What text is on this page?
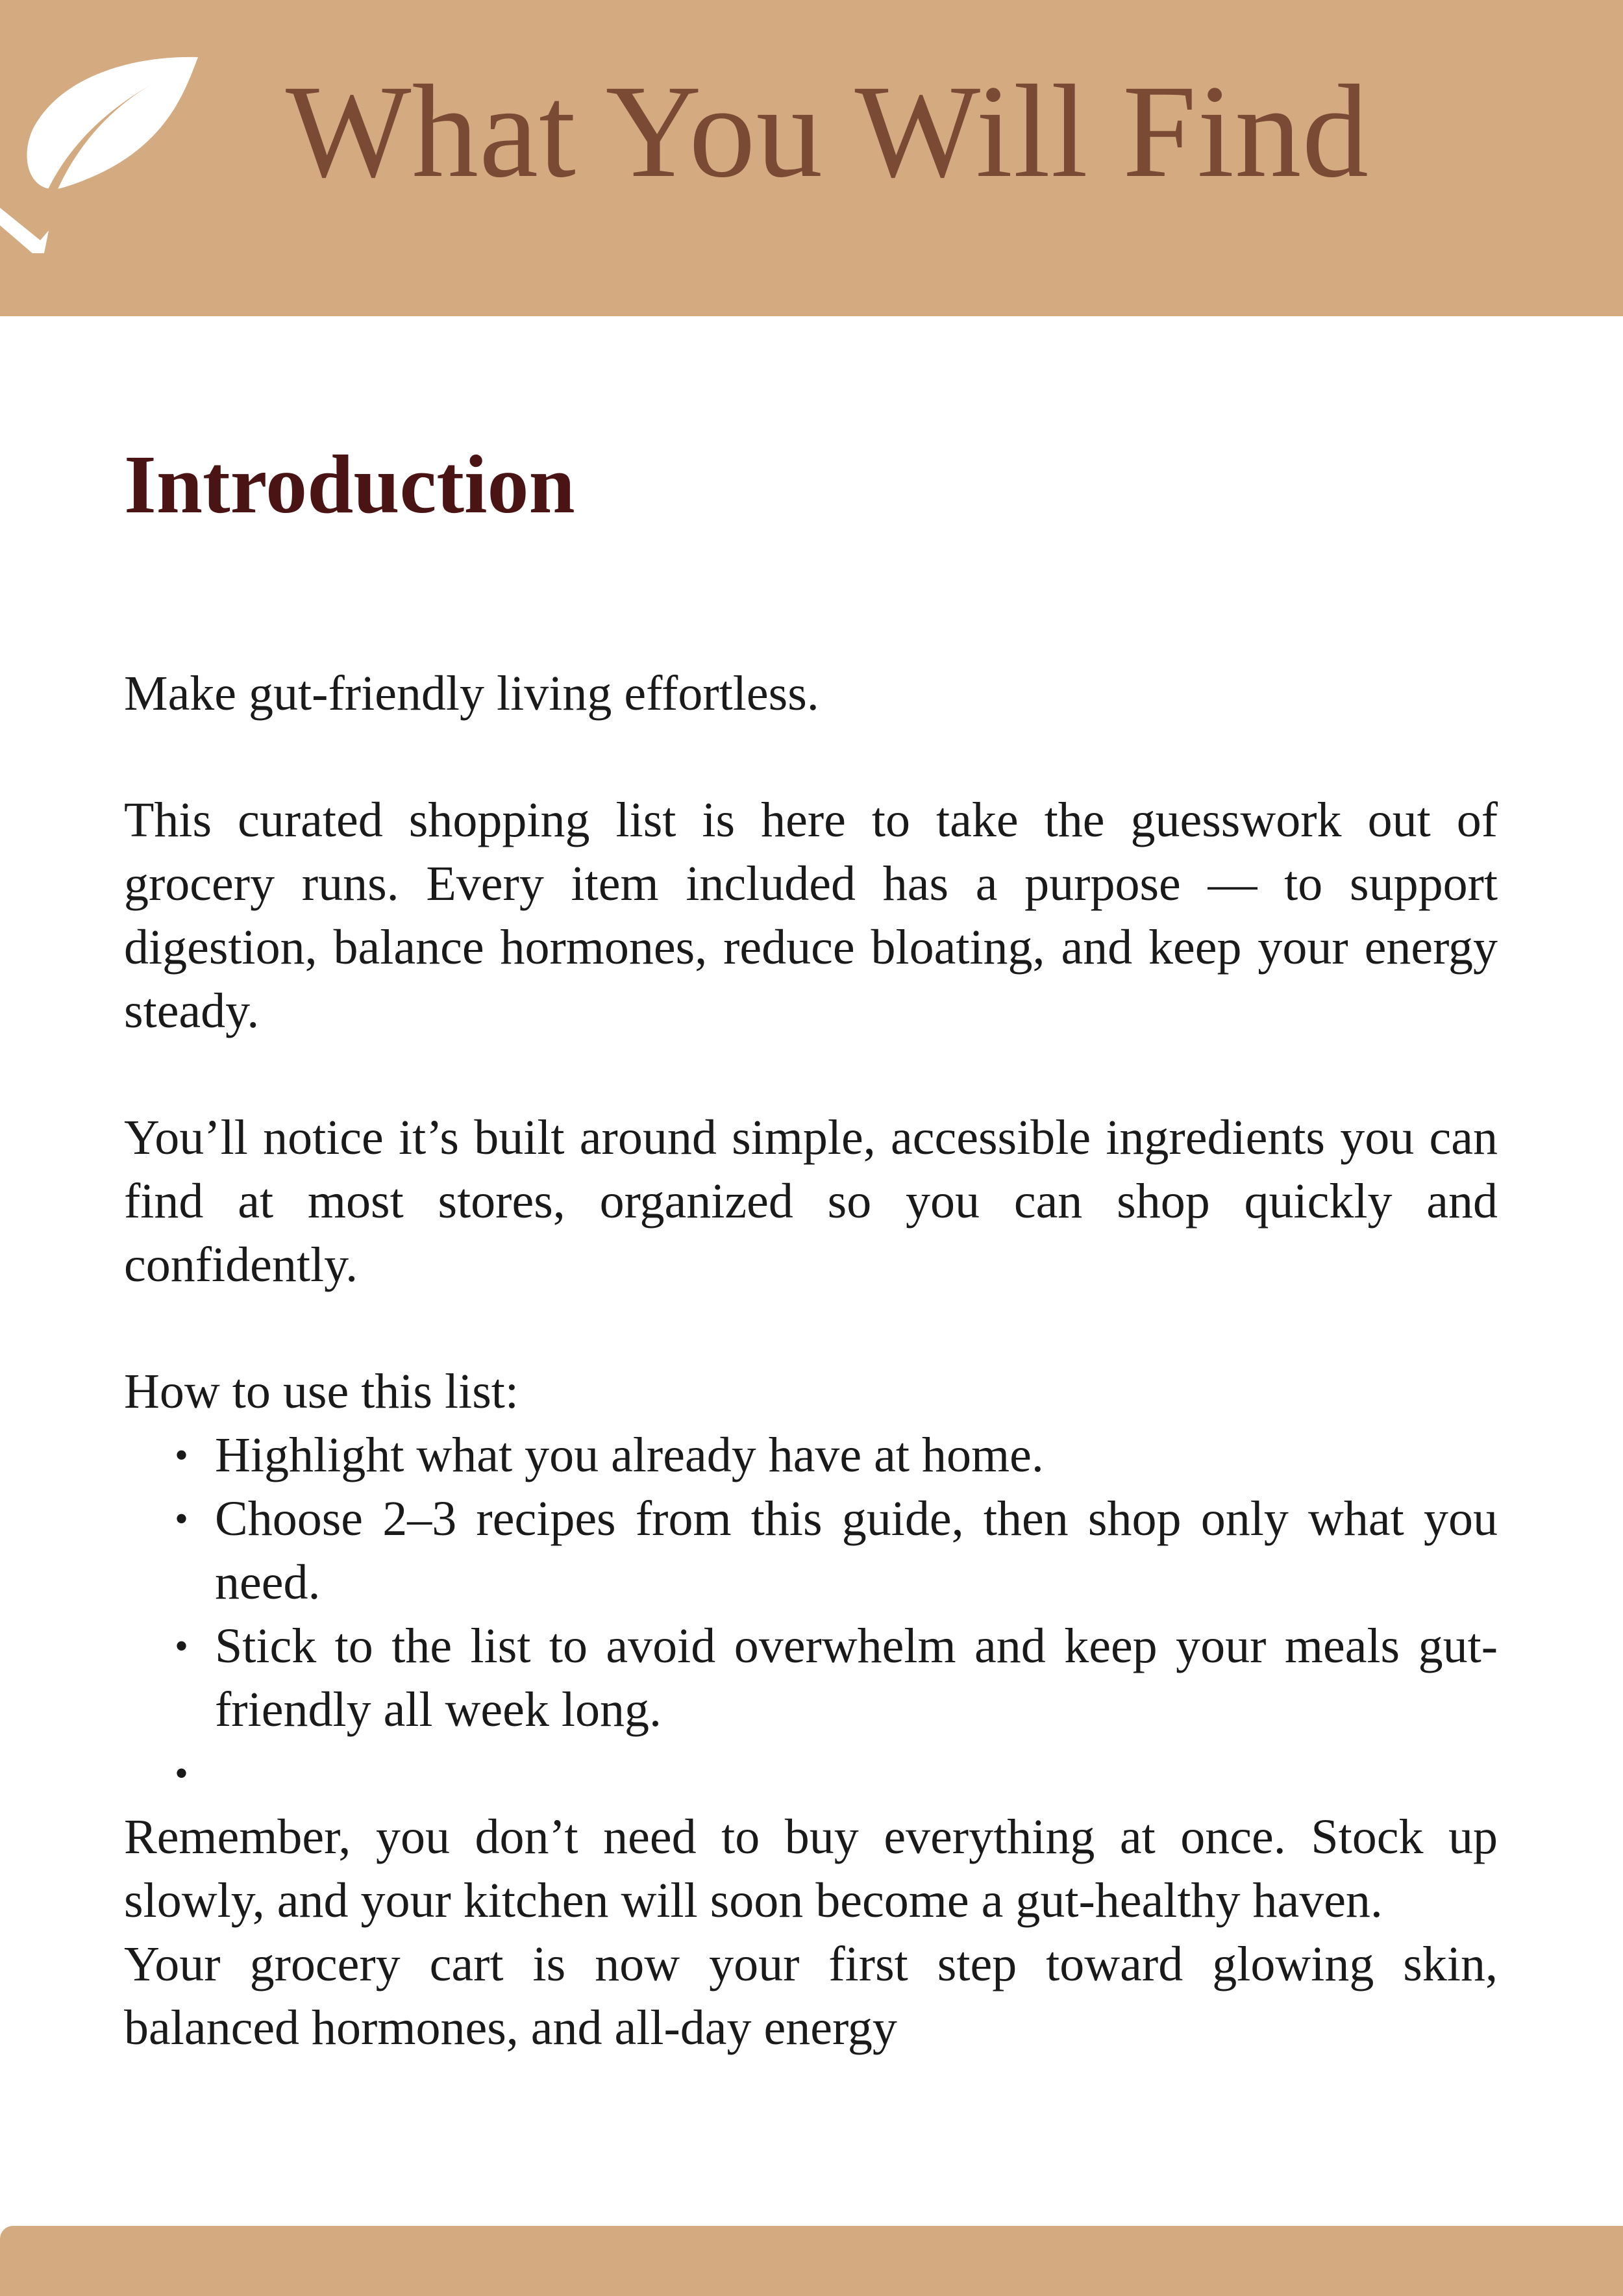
What You Will Find
Introduction

Make gut-friendly living effortless.

This curated shopping list is here to take the guesswork out of grocery runs. Every item included has a purpose — to support digestion, balance hormones, reduce bloating, and keep your energy steady.

You’ll notice it’s built around simple, accessible ingredients you can find at most stores, organized so you can shop quickly and confidently.

How to use this list:

• Highlight what you already have at home.
• Choose 2–3 recipes from this guide, then shop only what you need.
• Stick to the list to avoid overwhelm and keep your meals gut-friendly all week long.
•

Remember, you don’t need to buy everything at once. Stock up slowly, and your kitchen will soon become a gut-healthy haven.

Your grocery cart is now your first step toward glowing skin, balanced hormones, and all-day energy
